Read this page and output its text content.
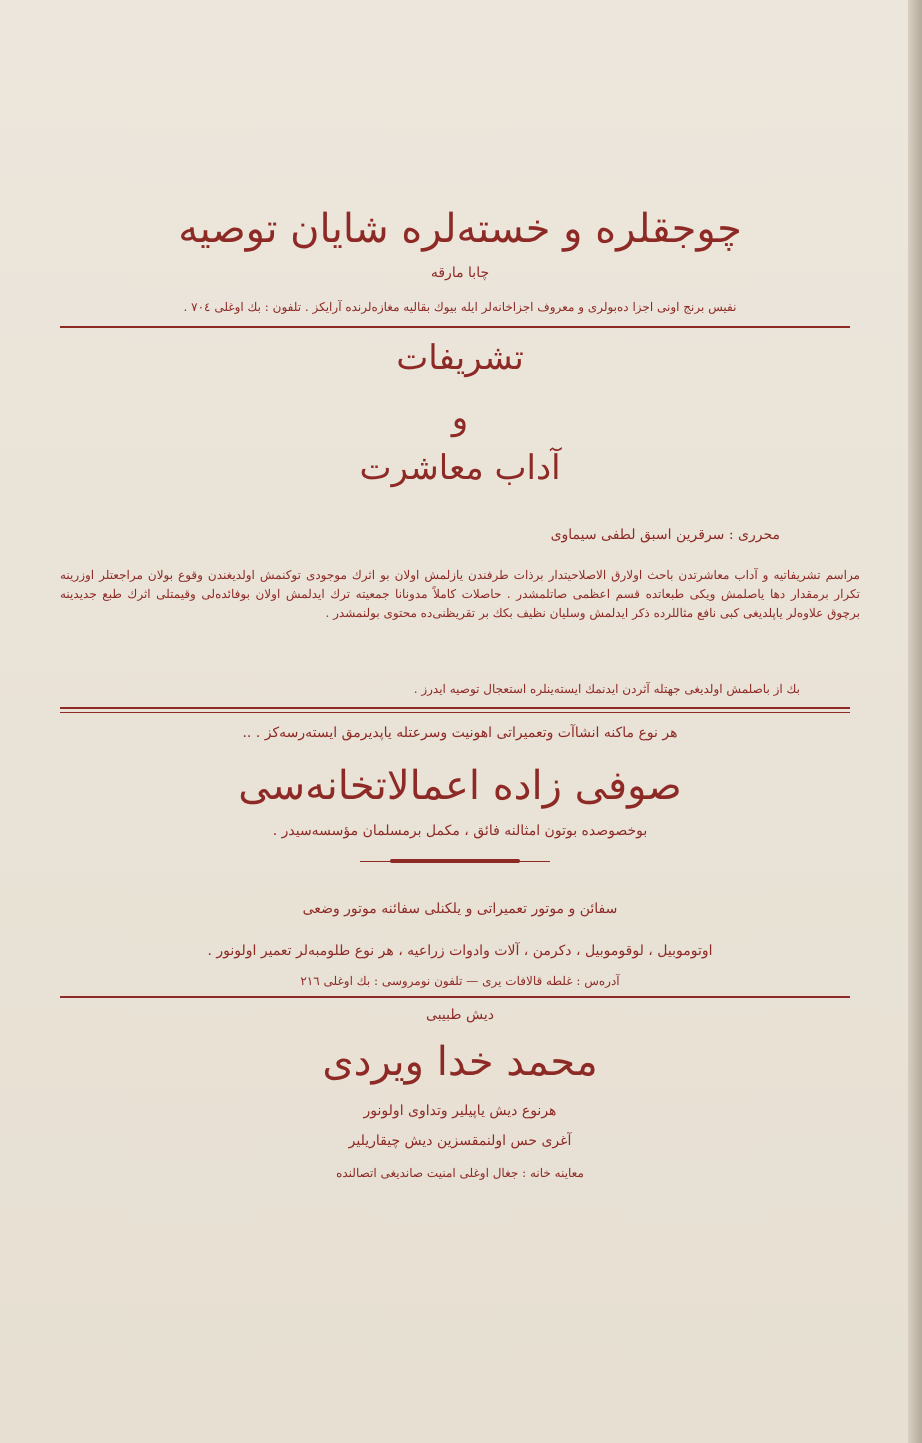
چوجقلره و خسته‌لره شایان توصیه
چابا مارقه
نفیس برنج اونی اجزا ده‌بولری و معروف اجزاخانه‌لر ایله بیوك بقالیه مغازه‌لرنده آرایکز . تلفون : بك اوغلی ۷۰٤ .
تشریفات
و
آداب معاشرت
محرری : سرقرین اسبق لطفی سیماوی
مراسم تشریفاتیه و آداب معاشرتدن باحث اولارق الاصلاحیتدار برذات طرفندن یازلمش اولان بو اثرك موجودی توکنمش اولدیغندن وقوع بولان مراجعتلر اوزرینه تکرار برمقدار دها یاصلمش ویکی طبعاتده قسم اعظمی صاتلمشدر . حاصلات کاملاً مدونانا جمعیته ترك ایدلمش اولان بوفائده‌لی وقیمتلی اثرك طبع جدیدینه برچوق علاوه‌لر یاپلدیغی کبی نافع مثاللرده ذکر ایدلمش وسلیان نظیف بکك بر تقریظنی‌ده محتوی بولنمشدر .
بك از باصلمش اولدیغی جهتله آثردن ایدنمك ایسته‌ینلره استعجال توصیه ایدرز .
هر نوع ماکنه انشاآت وتعمیراتی اهونیت وسرعتله یاپدیرمق ایسته‌رسه‌کز . ..
صوفی زاده اعمالاتخانه‌سی
بوخصوصده بوتون امثالنه فائق ، مکمل برمسلمان مؤسسه‌سیدر .
سفائن و موتور تعمیراتی و یلکنلی سفائنه موتور وضعی
اوتوموبیل ، لوقوموبیل ، دکرمن ، آلات وادوات زراعیه ، هر نوع طلومبه‌لر تعمیر اولونور .
آدره‌س : غلطه قالافات یری — تلفون نومروسی : بك اوغلی ۲۱٦
دیش طبیبی
محمد خدا ویردی
هرنوع دیش یاپیلیر وتداوی اولونور
آغری حس اولنمقسزین دیش چیقاریلیر
معاینه خانه : جغال اوغلی امنیت صاندیغی اتصالنده
